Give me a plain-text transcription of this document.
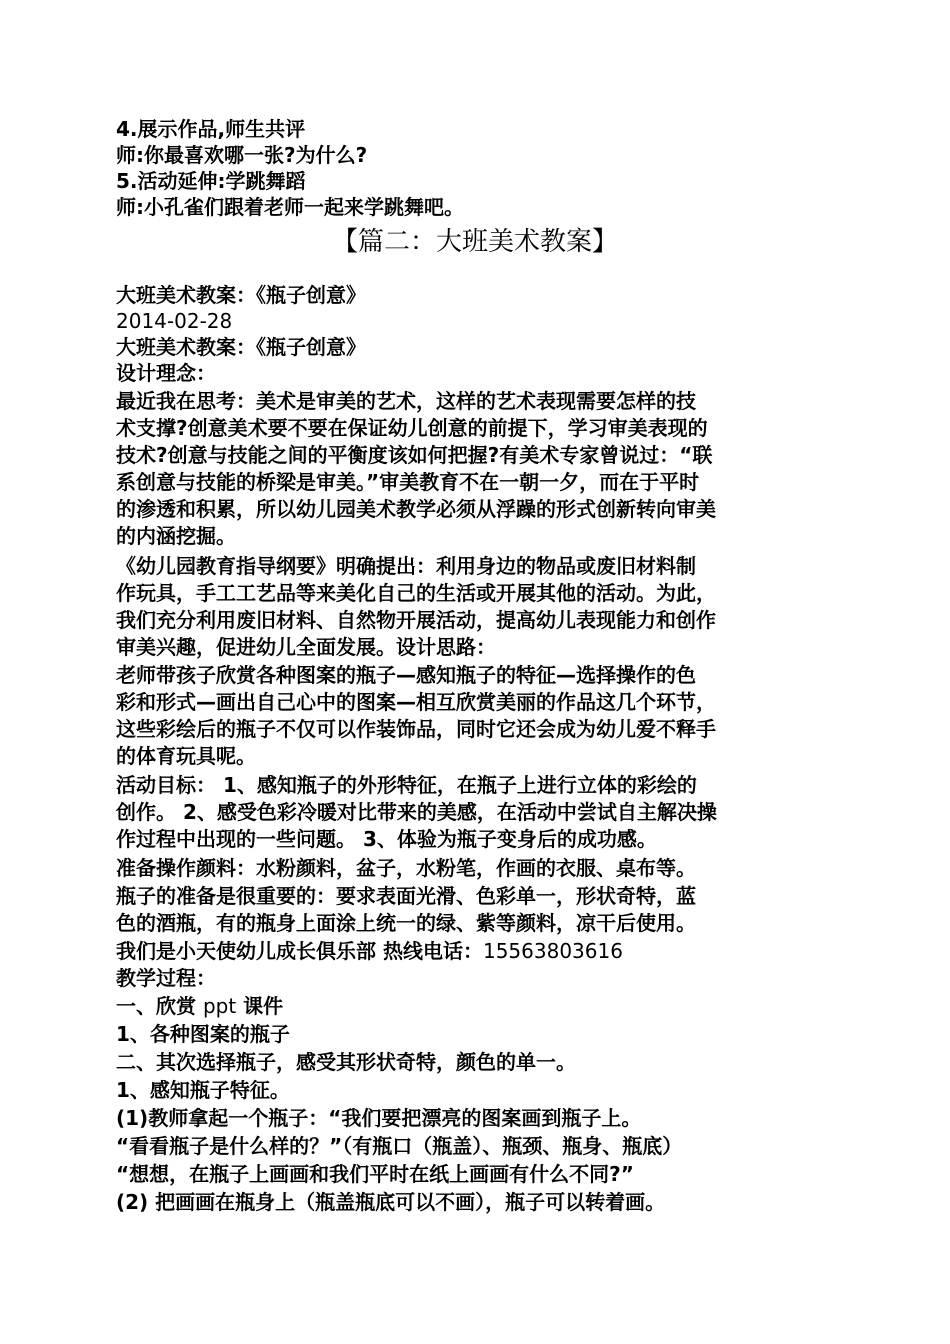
4.展示作品,师生共评
师:你最喜欢哪一张?为什么?
5.活动延伸:学跳舞蹈
师:小孔雀们跟着老师一起来学跳舞吧。
【篇二：大班美术教案】
大班美术教案：《瓶子创意》
2014-02-28
大班美术教案：《瓶子创意》
设计理念：
最近我在思考：美术是审美的艺术，这样的艺术表现需要怎样的技
术支撑?创意美术要不要在保证幼儿创意的前提下，学习审美表现的
技术?创意与技能之间的平衡度该如何把握?有美术专家曾说过：“联
系创意与技能的桥梁是审美。”审美教育不在一朝一夕，而在于平时
的渗透和积累，所以幼儿园美术教学必须从浮躁的形式创新转向审美
的内涵挖掘。
《幼儿园教育指导纲要》明确提出：利用身边的物品或废旧材料制
作玩具，手工工艺品等来美化自己的生活或开展其他的活动。为此，
我们充分利用废旧材料、自然物开展活动，提高幼儿表现能力和创作
审美兴趣，促进幼儿全面发展。设计思路：
老师带孩子欣赏各种图案的瓶子—感知瓶子的特征—选择操作的色
彩和形式—画出自己心中的图案—相互欣赏美丽的作品这几个环节，
这些彩绘后的瓶子不仅可以作装饰品，同时它还会成为幼儿爱不释手
的体育玩具呢。
活动目标： 1、感知瓶子的外形特征，在瓶子上进行立体的彩绘的
创作。 2、感受色彩冷暖对比带来的美感，在活动中尝试自主解决操
作过程中出现的一些问题。 3、体验为瓶子变身后的成功感。
准备操作颜料：水粉颜料，盆子，水粉笔，作画的衣服、桌布等。
瓶子的准备是很重要的：要求表面光滑、色彩单一，形状奇特，蓝
色的酒瓶，有的瓶身上面涂上统一的绿、紫等颜料，凉干后使用。
我们是小天使幼儿成长俱乐部 热线电话：15563803616
教学过程：
一、欣赏 ppt 课件
1、各种图案的瓶子
二、其次选择瓶子，感受其形状奇特，颜色的单一。
1、感知瓶子特征。
(1)教师拿起一个瓶子：“我们要把漂亮的图案画到瓶子上。
“看看瓶子是什么样的？”（有瓶口（瓶盖）、瓶颈、瓶身、瓶底）
“想想，在瓶子上画画和我们平时在纸上画画有什么不同?”
(2) 把画画在瓶身上（瓶盖瓶底可以不画），瓶子可以转着画。
